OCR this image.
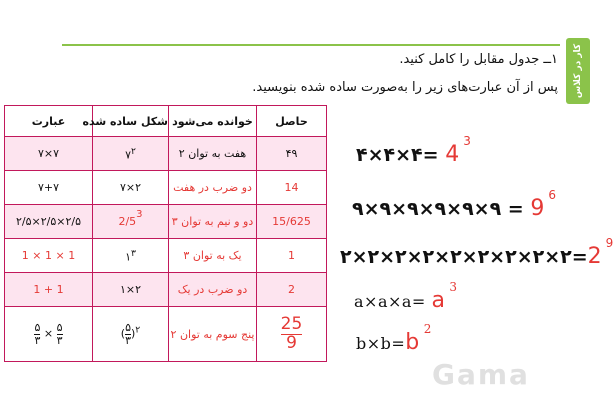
کار در کلاس
۱ــ جدول مقابل را کامل کنید.
پس از آن عبارت‌های زیر را به‌صورت ساده شده بنویسید.
حاصل	خوانده می‌شود	شکل ساده شده	عبارت
۴۹	هفت به توان ۲	$۷^۲$	۷×۷
14	دو ضرب در هفت	۲×۷	۷+۷
15/625	دو و نیم به توان ۳	$2/5^3$	۲/۵×۲/۵×۲/۵
1	یک به توان ۳	$۱^۳$	1 × 1 × 1
2	دو ضرب در یک	۲×۱	1 + 1

$\frac{25}{9}$	پنج سوم به توان ۲	( $\frac{۵}{۳} )^۲$	$\frac{۵}{۳} \times \frac{۵}{۳}$
۴×۴×۴= $4^3$
۹×۹×۹×۹×۹×۹ = $9^6$
$۲\times ۲\times ۲\times ۲\times ۲\times ۲\times ۲\times ۲\times ۲=2^9$
$a\times a\times a= a^3$
$b\times b=b^2$
Gama
